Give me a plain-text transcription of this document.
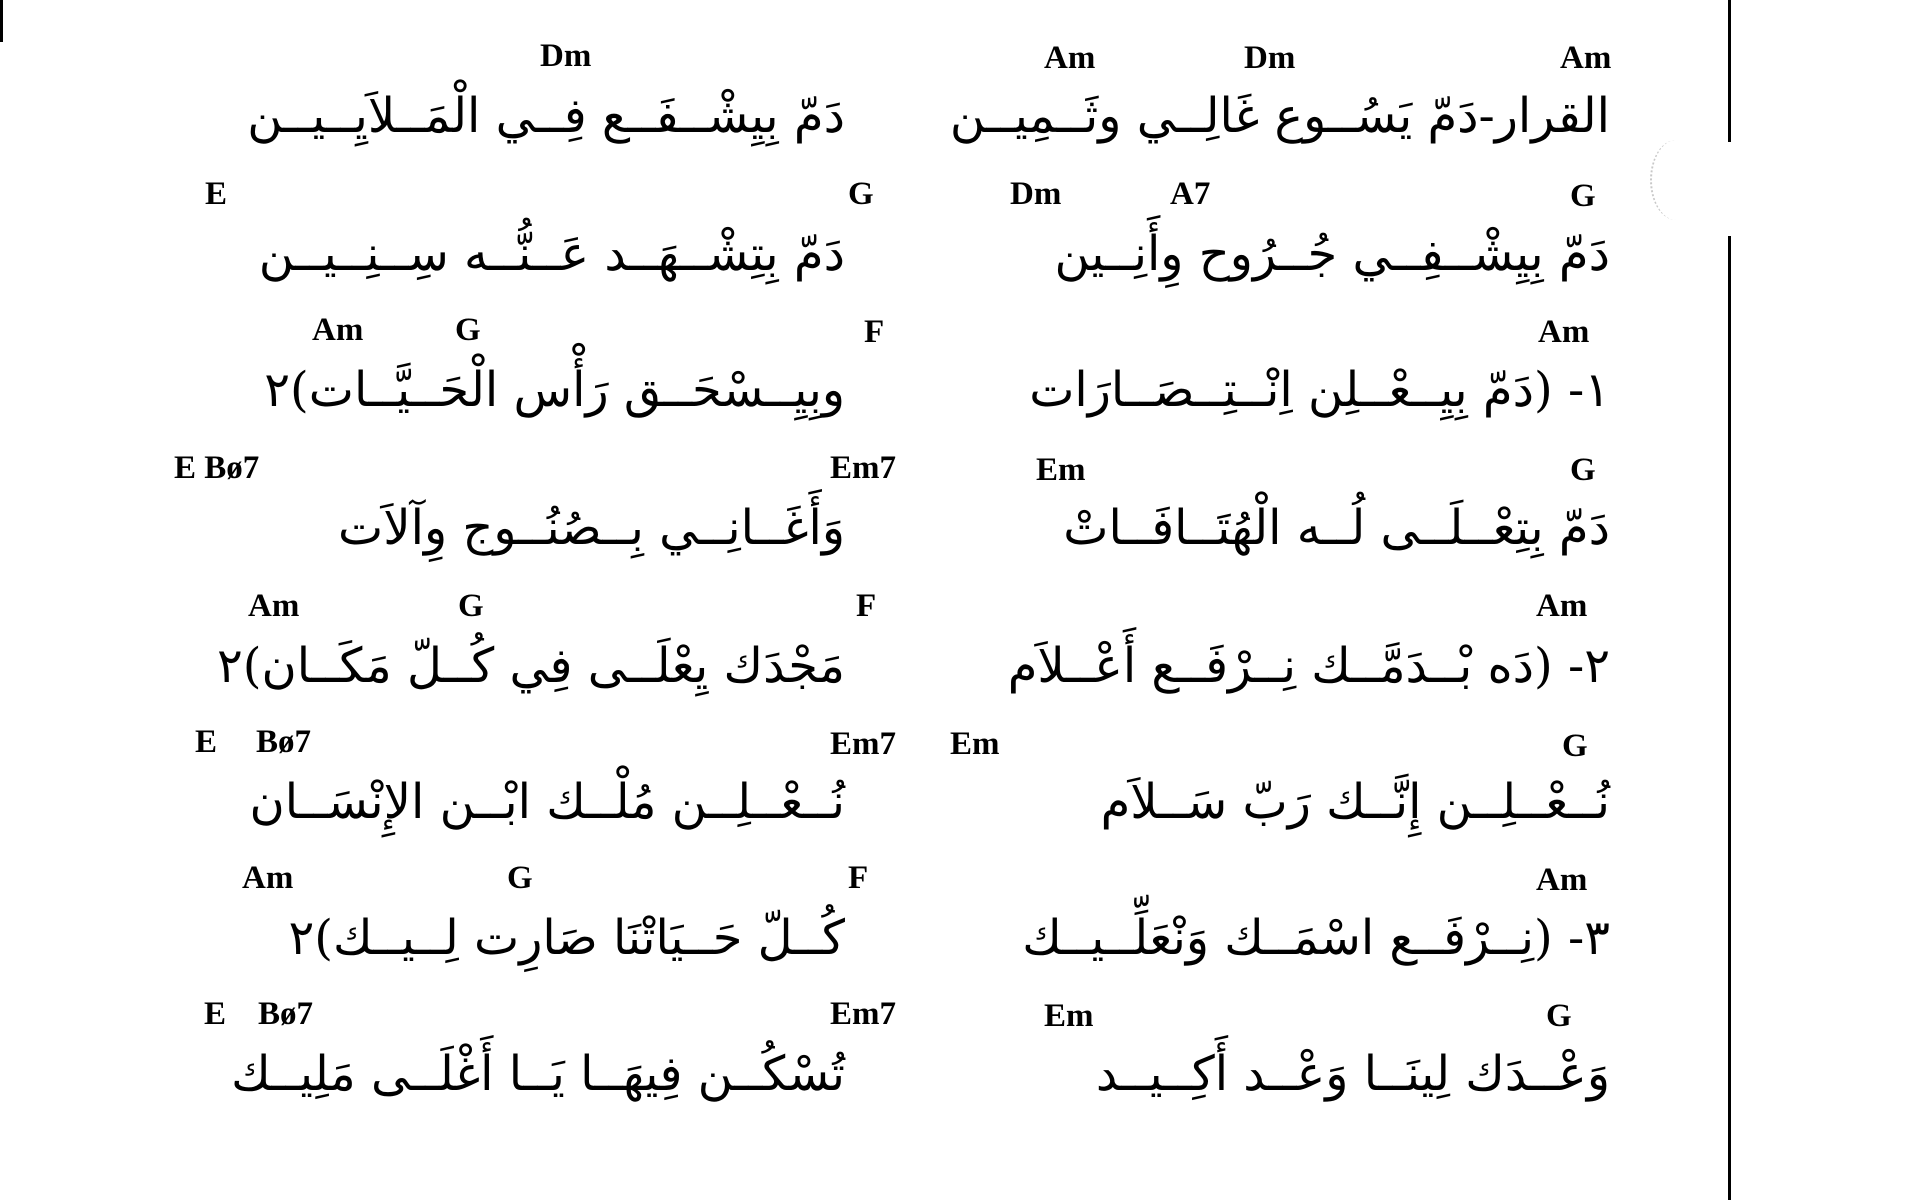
Dm	Am	Dm	Am
القرار-دَمّ يَسُــوع غَالِــي وثَــمِيــن
دَمّ بِيِشْــفَــع فِــي الْمَــلاَيِــيــن
E	G	Dm	A7	G
دَمّ بِيِشْــفِــي جُــرُوح وِأَنِــين
دَمّ بِتِشْــهَــد عَــنُّــه سِــنِــيــن
Am	G	F	Am
١- (دَمّ بِيِــعْــلِن اِنْــتِــصَــارَات
وبِيِــسْحَــق رَأْس الْحَــيَّــات)٢
E Bø7	Em7	Em	G
دَمّ بِتِعْــلَــى لُــه الْهُتَــافَــاتْ
وَأَغَــانِــي بِــصُنُــوج وِآلاَت
Am	G	F	Am
٢- (دَه بْــدَمَّــك نِــرْفَــع أَعْــلاَم
مَجْدَك يِعْلَــى فِي كُــلّ مَكَــان)٢
E Bø7	Em7 Em	G
نُــعْــلِــن إِنَّــك رَبّ سَــلاَم
نُــعْــلِــن مُلْــك ابْــن الإِنْسَــان
Am	G	F	Am
٣- (نِــرْفَــع اسْمَــك وَنْعَلِّــيــك
كُــلّ حَــيَاتْنَا صَارِت لِــيــك)٢
E Bø7	Em7	Em	G
وَعْــدَك لِينَــا وَعْــد أَكِــيــد
تُسْكُــن فِيهَــا يَــا أَغْلَــى مَلِيــك
